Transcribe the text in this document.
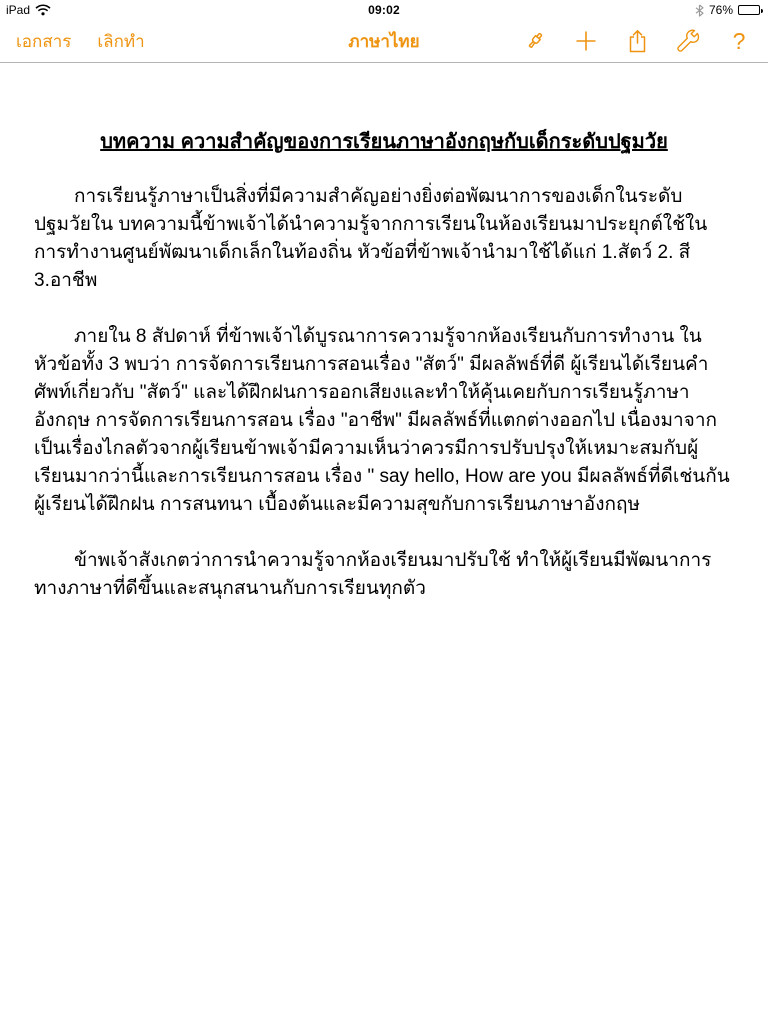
iPad	09:02	76%
เอกสาร เลิกทำ	ภาษาไทย	?
บทความ ความสำคัญของการเรียนภาษาอังกฤษกับเด็กระดับปฐมวัย

การเรียนรู้ภาษาเป็นสิ่งที่มีความสำคัญอย่างยิ่งต่อพัฒนาการของเด็กในระดับปฐมวัยใน บทความนี้ข้าพเจ้าได้นำความรู้จากการเรียนในห้องเรียนมาประยุกต์ใช้ในการทำงานศูนย์พัฒนาเด็กเล็กในท้องถิ่น หัวข้อที่ข้าพเจ้านำมาใช้ได้แก่ 1.สัตว์ 2. สี 3.อาชีพ

ภายใน 8 สัปดาห์ ที่ข้าพเจ้าได้บูรณาการความรู้จากห้องเรียนกับการทำงาน ในหัวข้อทั้ง 3 พบว่า การจัดการเรียนการสอนเรื่อง "สัตว์" มีผลลัพธ์ที่ดี ผู้เรียนได้เรียนคำศัพท์เกี่ยวกับ "สัตว์" และได้ฝึกฝนการออกเสียงและทำให้คุ้นเคยกับการเรียนรู้ภาษาอังกฤษ การจัดการเรียนการสอน เรื่อง "อาชีพ" มีผลลัพธ์ที่แตกต่างออกไป เนื่องมาจากเป็นเรื่องไกลตัวจากผู้เรียนข้าพเจ้ามีความเห็นว่าควรมีการปรับปรุงให้เหมาะสมกับผู้เรียนมากว่านี้และการเรียนการสอน เรื่อง " say hello, How are you มีผลลัพธ์ที่ดีเช่นกันผู้เรียนได้ฝึกฝน การสนทนา เบื้องต้นและมีความสุขกับการเรียนภาษาอังกฤษ

ข้าพเจ้าสังเกตว่าการนำความรู้จากห้องเรียนมาปรับใช้ ทำให้ผู้เรียนมีพัฒนาการทางภาษาที่ดีขึ้นและสนุกสนานกับการเรียนทุกตัว
